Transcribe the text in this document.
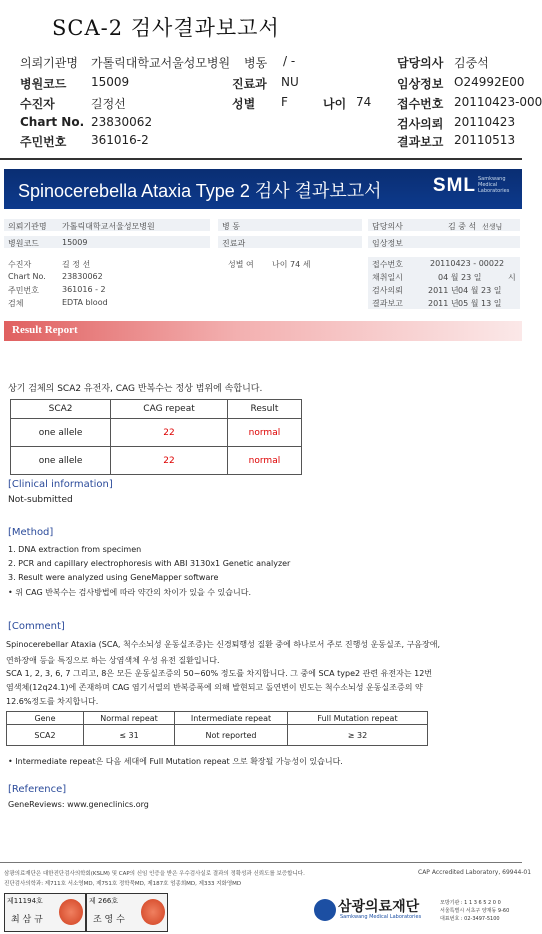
SCA-2 검사결과보고서
의뢰기관명 가톨릭대학교서울성모병원 병동 / -	담당의사 김중석
병원코드 15009	진료과 NU	임상정보 O24992E00
수진자	길정선	성별 F	나이 74 접수번호 20110423-000
Chart No. 23830062	검사의뢰 20110423
주민번호 361016-2	결과보고 20110513
Spinocerebella Ataxia Type 2 검사 결과보고서	SML Samkwang Medical Laboratories
의뢰기관명 가톨릭대학교서울성모병원	병 동	담당의사	김 중 석 선생님
병원코드	15009	진료과	임상정보
수진자	길 정 선	성별 여 나이 74 세	접수번호	20110423 - 00022
Chart No. 23830062	채취일시	04 월 23 일	시
주민번호	361016 - 2	검사의뢰	2011 년 04 월 23 일
검체	EDTA blood	결과보고	2011 년 05 월 13 일
Result Report
상기 검체의 SCA2 유전자, CAG 반복수는 정상 범위에 속합니다.
SCA2	CAG repeat	Result
one allele	22	normal
one allele	22	normal
[Clinical information]
Not-submitted
[Method]
1. DNA extraction from specimen
2. PCR and capillary electrophoresis with ABI 3130x1 Genetic analyzer
3. Result were analyzed using GeneMapper software
• 위 CAG 반복수는 검사방법에 따라 약간의 차이가 있을 수 있습니다.
[Comment]
Spinocerebellar Ataxia (SCA, 척수소뇌성 운동실조증)는 신경퇴행성 질환 중에 하나로서 주로 진행성 운동실조, 구음장애,
연하장애 등을 특징으로 하는 상염색체 우성 유전 질환입니다.
SCA 1, 2, 3, 6, 7 그리고, 8은 모든 운동실조증의 50~60% 정도를 차지합니다. 그 중에 SCA type2 관련 유전자는 12번
염색체(12q24.1)에 존재하며 CAG 염기서열의 반복증폭에 의해 발현되고 돌연변이 빈도는 척수소뇌성 운동실조증의 약
12.6%정도를 차지합니다.
Gene	Normal repeat	Intermediate repeat	Full Mutation repeat
SCA2	≤ 31	Not reported	≥ 32
• Intermediate repeat은 다음 세대에 Full Mutation repeat 으로 확장될 가능성이 있습니다.
[Reference]
GeneReviews: www.geneclinics.org
삼광의료재단은 대한진단검사의학회(KSLM) 및 CAP의 신임 인증을 받은 우수검사실로 결과의 정확성과 신뢰도를 보증합니다.
진단검사의학과: 제711호 서소영MD, 제751호 정학묵MD, 제187호 엄종희MD, 제333 지화영MD
CAP Accredited Laboratory, 69944-01
제11194호
최 삼 규
제 266호
조 영 수
삼광의료재단
Samkwang Medical Laboratories
모방기관 : 1 1 3 6 5 2 0 0
서울특별시 서초구 양재동 9-60
대표번호 : 02-3497-5100
